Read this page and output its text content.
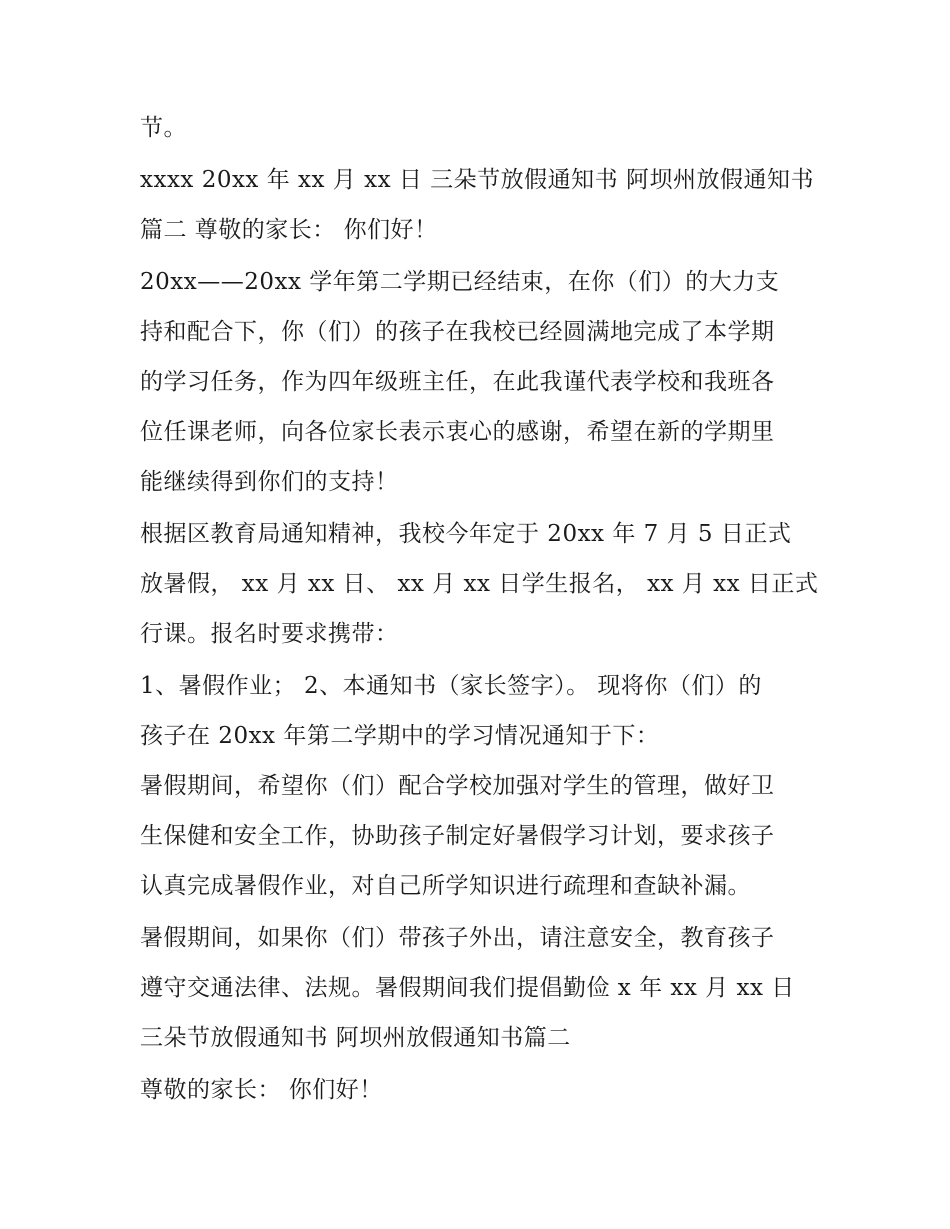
节。
xxxx 20xx 年 xx 月 xx 日 三朵节放假通知书 阿坝州放假通知书
篇二 尊敬的家长： 你们好！
20xx——20xx 学年第二学期已经结束，在你（们）的大力支
持和配合下，你（们）的孩子在我校已经圆满地完成了本学期
的学习任务，作为四年级班主任，在此我谨代表学校和我班各
位任课老师，向各位家长表示衷心的感谢，希望在新的学期里
能继续得到你们的支持！
根据区教育局通知精神，我校今年定于 20xx 年 7 月 5 日正式
放暑假， xx 月 xx 日、 xx 月 xx 日学生报名， xx 月 xx 日正式
行课。报名时要求携带：
1、暑假作业； 2、本通知书（家长签字）。 现将你（们）的
孩子在 20xx 年第二学期中的学习情况通知于下：
暑假期间，希望你（们）配合学校加强对学生的管理，做好卫
生保健和安全工作，协助孩子制定好暑假学习计划，要求孩子
认真完成暑假作业，对自己所学知识进行疏理和查缺补漏。
暑假期间，如果你（们）带孩子外出，请注意安全，教育孩子
遵守交通法律、法规。暑假期间我们提倡勤俭 x 年 xx 月 xx 日
三朵节放假通知书 阿坝州放假通知书篇二
尊敬的家长： 你们好！
